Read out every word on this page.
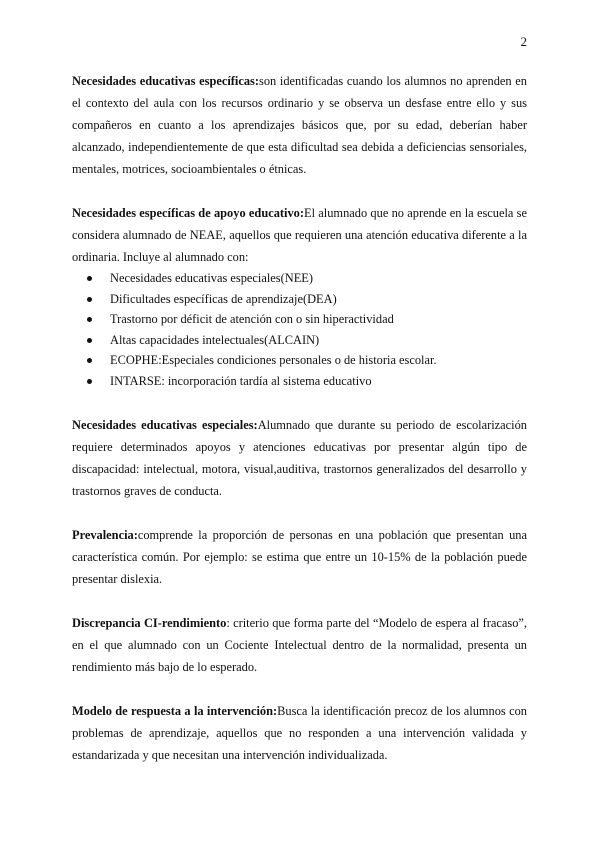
2

Necesidades educativas específicas:son identificadas cuando los alumnos no aprenden en el contexto del aula con los recursos ordinario y se observa un desfase entre ello y sus compañeros en cuanto a los aprendizajes básicos que, por su edad, deberían haber alcanzado, independientemente de que esta dificultad sea debida a deficiencias sensoriales, mentales, motrices, socioambientales o étnicas.

Necesidades específicas de apoyo educativo:El alumnado que no aprende en la escuela se considera alumnado de NEAE, aquellos que requieren una atención educativa diferente a la ordinaria. Incluye al alumnado con:

Necesidades educativas especiales(NEE)
Dificultades específicas de aprendizaje(DEA)
Trastorno por déficit de atención con o sin hiperactividad
Altas capacidades intelectuales(ALCAIN)
ECOPHE:Especiales condiciones personales o de historia escolar.
INTARSE: incorporación tardía al sistema educativo

Necesidades educativas especiales:Alumnado que durante su periodo de escolarización requiere determinados apoyos y atenciones educativas por presentar algún tipo de discapacidad: intelectual, motora, visual,auditiva, trastornos generalizados del desarrollo y trastornos graves de conducta.

Prevalencia:comprende la proporción de personas en una población que presentan una característica común. Por ejemplo: se estima que entre un 10-15% de la población puede presentar dislexia.

Discrepancia CI-rendimiento: criterio que forma parte del “Modelo de espera al fracaso”, en el que alumnado con un Cociente Intelectual dentro de la normalidad, presenta un rendimiento más bajo de lo esperado.

Modelo de respuesta a la intervención:Busca la identificación precoz de los alumnos con problemas de aprendizaje, aquellos que no responden a una intervención validada y estandarizada y que necesitan una intervención individualizada.
